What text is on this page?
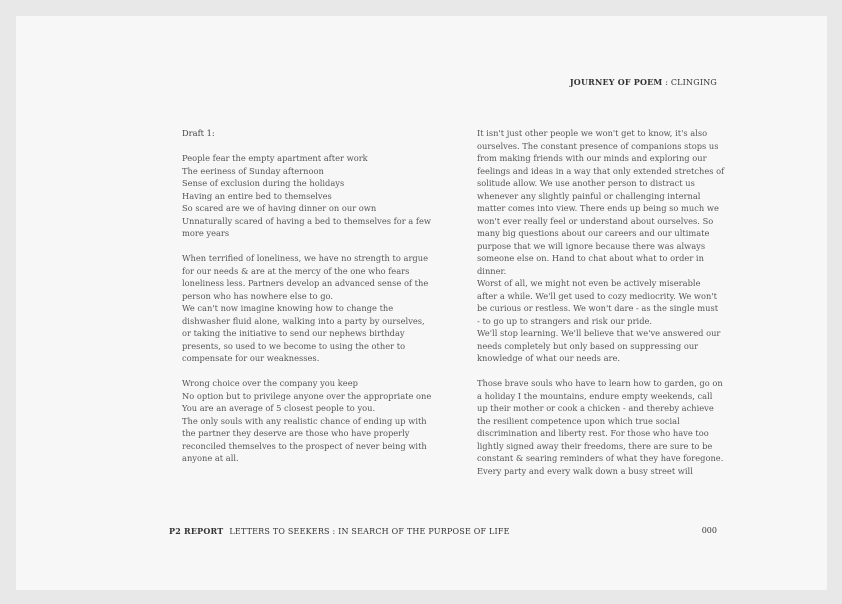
JOURNEY OF POEM : CLINGING
Draft 1:
People fear the empty apartment after work
The eeriness of Sunday afternoon
Sense of exclusion during the holidays
Having an entire bed to themselves
So scared are we of having dinner on our own
Unnaturally scared of having a bed to themselves for a few
more years
When terrified of loneliness, we have no strength to argue
for our needs & are at the mercy of the one who fears
loneliness less. Partners develop an advanced sense of the
person who has nowhere else to go.
We can't now imagine knowing how to change the
dishwasher fluid alone, walking into a party by ourselves,
or taking the initiative to send our nephews birthday
presents, so used to we become to using the other to
compensate for our weaknesses.
Wrong choice over the company you keep
No option but to privilege anyone over the appropriate one
You are an average of 5 closest people to you.
The only souls with any realistic chance of ending up with
the partner they deserve are those who have properly
reconciled themselves to the prospect of never being with
anyone at all.
It isn't just other people we won't get to know, it's also
ourselves. The constant presence of companions stops us
from making friends with our minds and exploring our
feelings and ideas in a way that only extended stretches of
solitude allow. We use another person to distract us
whenever any slightly painful or challenging internal
matter comes into view. There ends up being so much we
won't ever really feel or understand about ourselves. So
many big questions about our careers and our ultimate
purpose that we will ignore because there was always
someone else on. Hand to chat about what to order in
dinner.
Worst of all, we might not even be actively miserable
after a while. We'll get used to cozy mediocrity. We won't
be curious or restless. We won't dare - as the single must
- to go up to strangers and risk our pride.
We'll stop learning. We'll believe that we've answered our
needs completely but only based on suppressing our
knowledge of what our needs are.
Those brave souls who have to learn how to garden, go on
a holiday I the mountains, endure empty weekends, call
up their mother or cook a chicken - and thereby achieve
the resilient competence upon which true social
discrimination and liberty rest. For those who have too
lightly signed away their freedoms, there are sure to be
constant & searing reminders of what they have foregone.
Every party and every walk down a busy street will
P2 REPORT LETTERS TO SEEKERS : IN SEARCH OF THE PURPOSE OF LIFE	000
